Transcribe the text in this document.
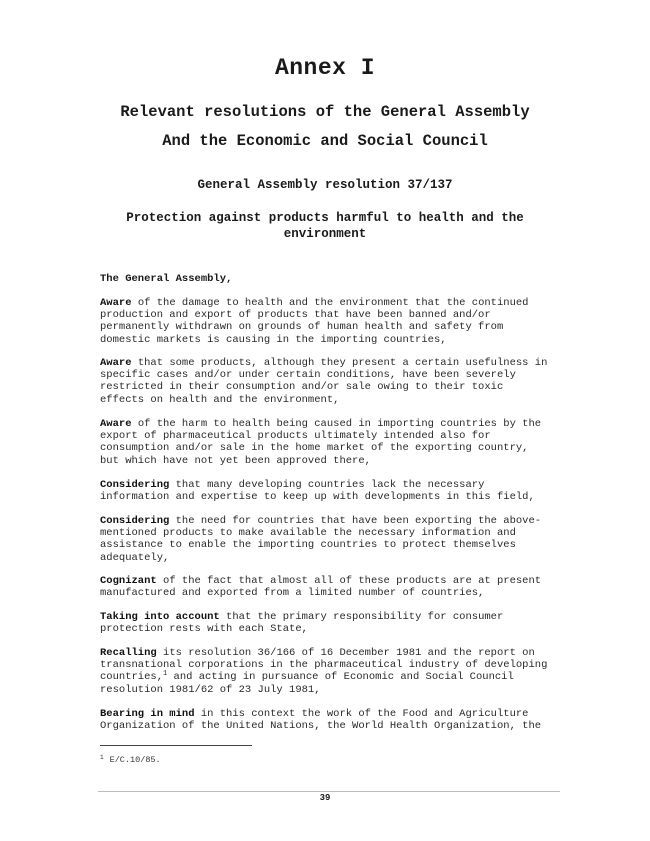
Annex I
Relevant resolutions of the General Assembly
And the Economic and Social Council
General Assembly resolution 37/137
Protection against products harmful to health and the environment

The General Assembly,

Aware of the damage to health and the environment that the continued
production and export of products that have been banned and/or
permanently withdrawn on grounds of human health and safety from
domestic markets is causing in the importing countries,

Aware that some products, although they present a certain usefulness in
specific cases and/or under certain conditions, have been severely
restricted in their consumption and/or sale owing to their toxic
effects on health and the environment,

Aware of the harm to health being caused in importing countries by the
export of pharmaceutical products ultimately intended also for
consumption and/or sale in the home market of the exporting country,
but which have not yet been approved there,

Considering that many developing countries lack the necessary
information and expertise to keep up with developments in this field,

Considering the need for countries that have been exporting the above-
mentioned products to make available the necessary information and
assistance to enable the importing countries to protect themselves
adequately,

Cognizant of the fact that almost all of these products are at present
manufactured and exported from a limited number of countries,

Taking into account that the primary responsibility for consumer
protection rests with each State,

Recalling its resolution 36/166 of 16 December 1981 and the report on
transnational corporations in the pharmaceutical industry of developing
countries,$^1$ and acting in pursuance of Economic and Social Council
resolution 1981/62 of 23 July 1981,

Bearing in mind in this context the work of the Food and Agriculture
Organization of the United Nations, the World Health Organization, the

$^1$ E/C.10/85.

39
